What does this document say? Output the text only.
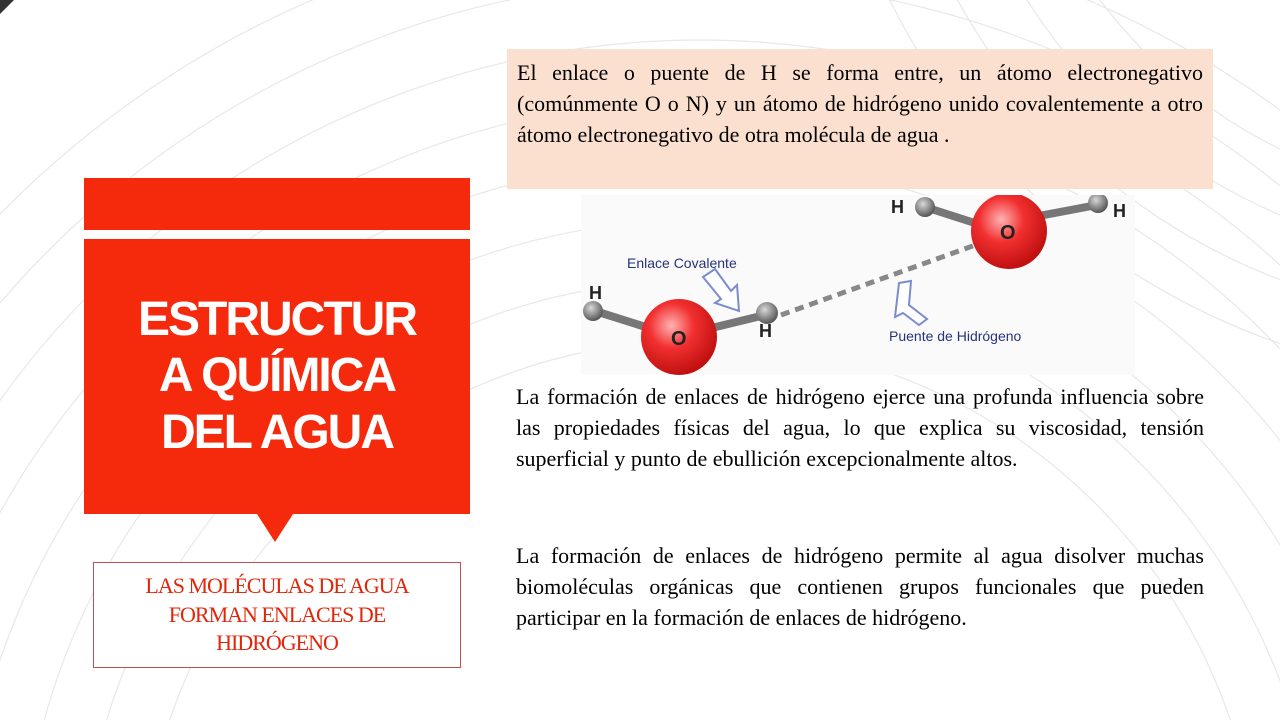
ESTRUCTUR
A QUÍMICA
DEL AGUA

LAS MOLÉCULAS DE AGUA
FORMAN ENLACES DE
HIDRÓGENO

El enlace o puente de H se forma entre, un átomo electronegativo (comúnmente O o N) y un átomo de hidrógeno unido covalentemente a otro átomo electronegativo de otra molécula de agua .

O
H
H
O
H	H
Enlace Covalente
Puente de Hidrógeno

La formación de enlaces de hidrógeno ejerce una profunda influencia sobre las propiedades físicas del agua, lo que explica su viscosidad, tensión superficial y punto de ebullición excepcionalmente altos.

La formación de enlaces de hidrógeno permite al agua disolver muchas biomoléculas orgánicas que contienen grupos funcionales que pueden participar en la formación de enlaces de hidrógeno.
